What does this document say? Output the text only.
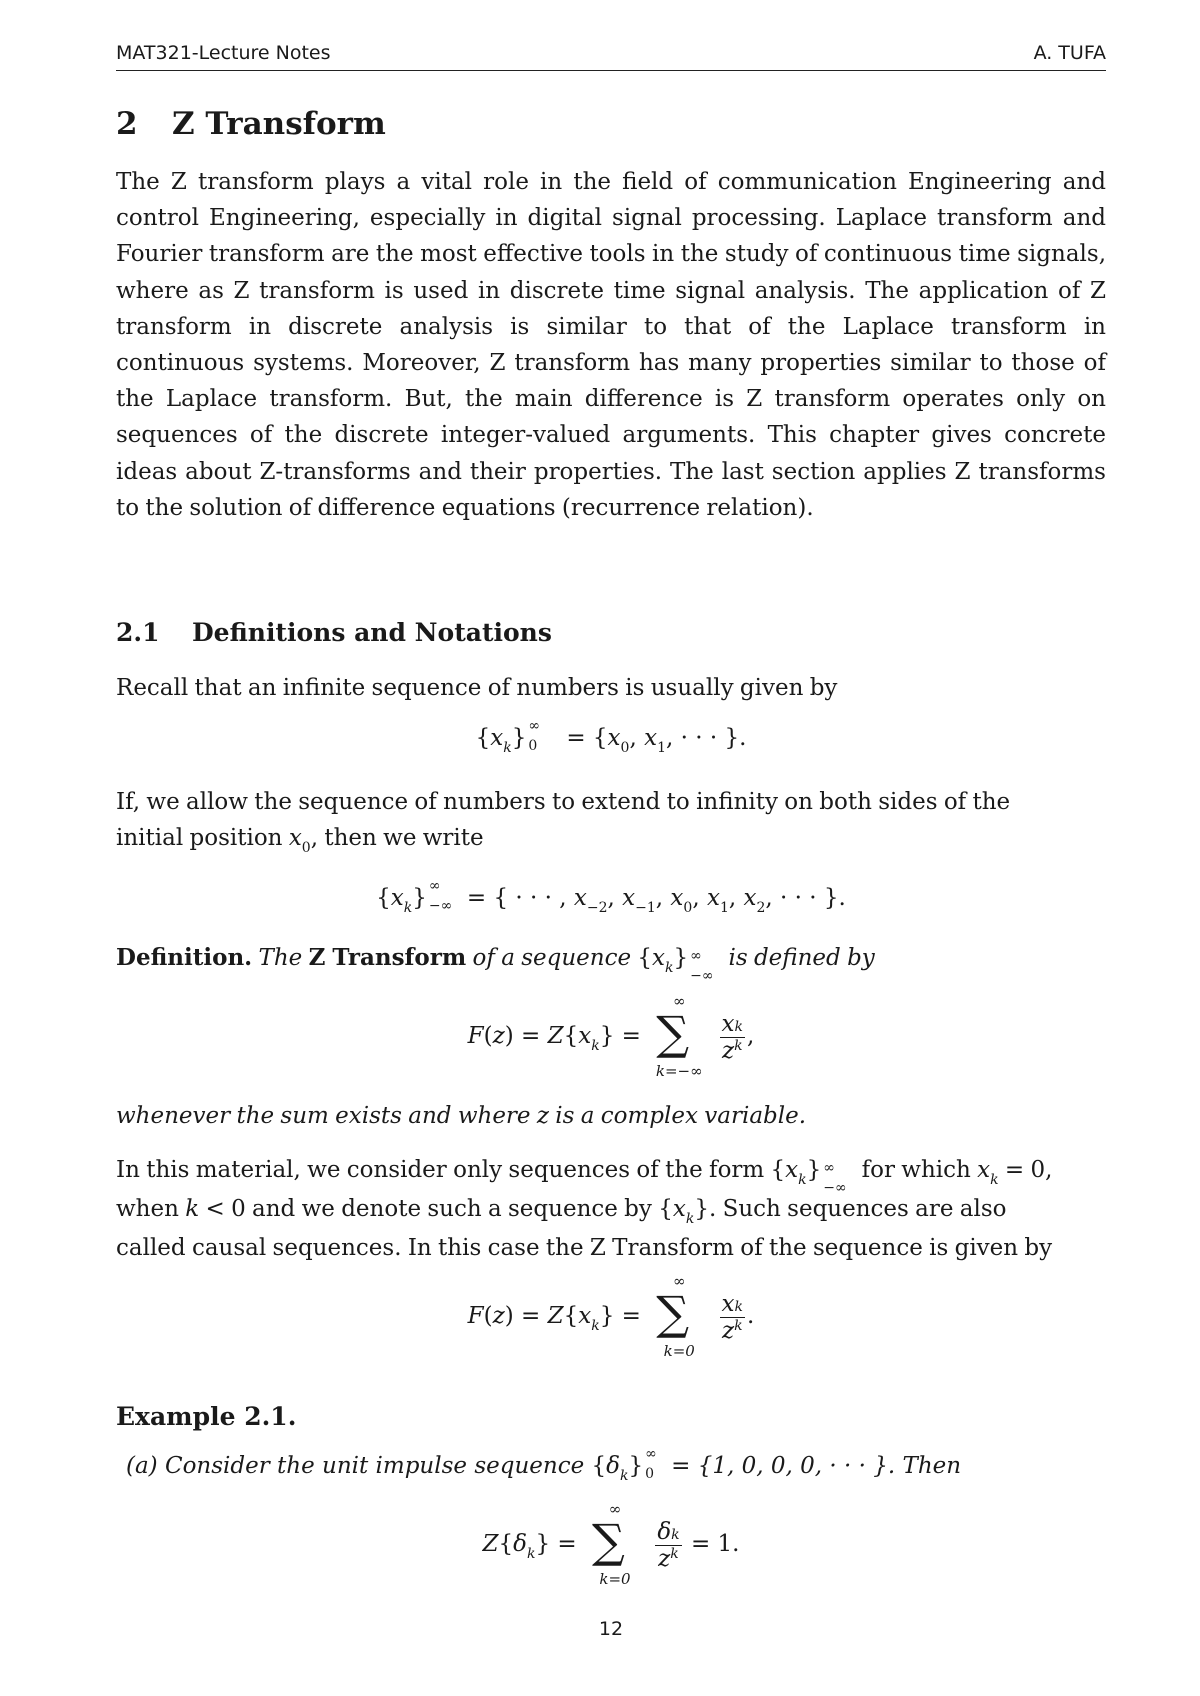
MAT321-Lecture Notes	A. TUFA
2 Z Transform

The Z transform plays a vital role in the field of communication Engineering and control Engineering, especially in digital signal processing. Laplace transform and Fourier transform are the most effective tools in the study of continuous time signals, where as Z transform is used in discrete time signal analysis. The application of Z transform in discrete analysis is similar to that of the Laplace transform in continuous systems. Moreover, Z transform has many properties similar to those of the Laplace transform. But, the main difference is Z transform operates only on sequences of the discrete integer-valued arguments. This chapter gives concrete ideas about Z-transforms and their properties. The last section applies Z transforms to the solution of difference equations (recurrence relation).

2.1 Definitions and Notations

Recall that an infinite sequence of numbers is usually given by

$\{x_k\}$ ∞
$0 = \{x_0$, $x_1$, · · · }.

If, we allow the sequence of numbers to extend to infinity on both sides of the
initial position $x_0$, then we write

$\{x_k\}$ ∞
−∞ = { · · · , $x_{-2}$, $x_{-1}$, $x_0$, $x_1$, $x_2$, · · · }.

Definition. The Z Transform of a sequence $\{x_k\}$ ∞
−∞
is defined by

$F(z) = Z\{x_k\}$ =
∞
∑
k=−∞

$\frac{xk}{z^k}$ ,

whenever the sum exists and where z is a complex variable.

In this material, we consider only sequences of the form $\{x_k\}$ ∞
−∞
for which $x_k = 0$,
when k < 0 and we denote such a sequence by $\{x_k\}$. Such sequences are also
called causal sequences. In this case the Z Transform of the sequence is given by

$F(z) = Z\{x_k\}$ =
∞
∑
k=0

$\frac{xk}{z^k}$ .
Example 2.1.
(a) Consider the unit impulse sequence $\{\delta_k\}$ ∞
0 = {1, 0, 0, 0, · · · }. Then
$Z\{\delta_k\}$ =
∞
∑
k=0

$\frac{\delta k}{z^k} = 1$.
12
